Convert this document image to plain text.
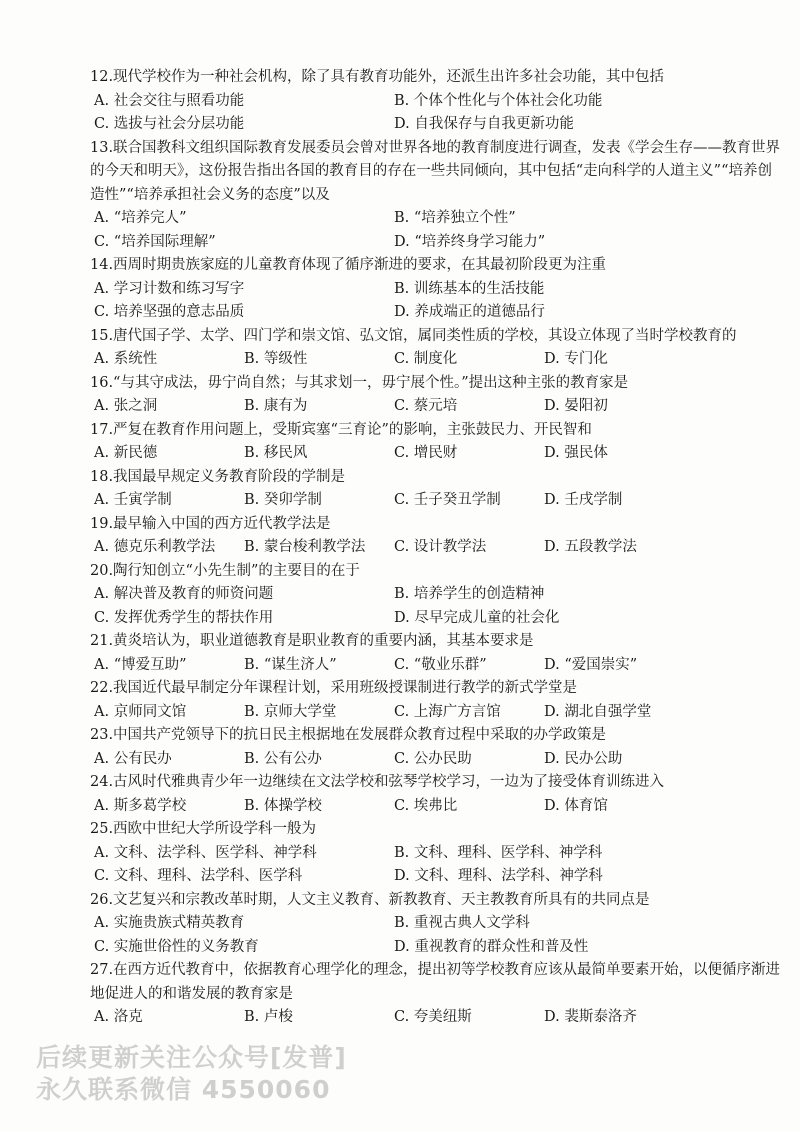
12.现代学校作为一种社会机构，除了具有教育功能外，还派生出许多社会功能，其中包括
A. 社会交往与照看功能	B. 个体个性化与个体社会化功能
C. 选拔与社会分层功能	D. 自我保存与自我更新功能
13.联合国教科文组织国际教育发展委员会曾对世界各地的教育制度进行调查，发表《学会生存——教育世界的今天和明天》，这份报告指出各国的教育目的存在一些共同倾向，其中包括“走向科学的人道主义”“培养创造性”“培养承担社会义务的态度”以及
A. “培养完人”	B. “培养独立个性”
C. “培养国际理解”	D. “培养终身学习能力”
14.西周时期贵族家庭的儿童教育体现了循序渐进的要求，在其最初阶段更为注重
A. 学习计数和练习写字	B. 训练基本的生活技能
C. 培养坚强的意志品质	D. 养成端正的道德品行
15.唐代国子学、太学、四门学和崇文馆、弘文馆，属同类性质的学校，其设立体现了当时学校教育的
A. 系统性	B. 等级性	C. 制度化	D. 专门化
16.“与其守成法，毋宁尚自然；与其求划一，毋宁展个性。”提出这种主张的教育家是
A. 张之洞	B. 康有为	C. 蔡元培	D. 晏阳初
17.严复在教育作用问题上，受斯宾塞“三育论”的影响，主张鼓民力、开民智和
A. 新民德	B. 移民风	C. 增民财	D. 强民体
18.我国最早规定义务教育阶段的学制是
A. 壬寅学制	B. 癸卯学制	C. 壬子癸丑学制	D. 壬戌学制
19.最早输入中国的西方近代教学法是
A. 德克乐利教学法	B. 蒙台梭利教学法	C. 设计教学法	D. 五段教学法
20.陶行知创立“小先生制”的主要目的在于
A. 解决普及教育的师资问题	B. 培养学生的创造精神
C. 发挥优秀学生的帮扶作用	D. 尽早完成儿童的社会化
21.黄炎培认为，职业道德教育是职业教育的重要内涵，其基本要求是
A. “博爱互助”	B. “谋生济人”	C. “敬业乐群”	D. “爱国崇实”
22.我国近代最早制定分年课程计划，采用班级授课制进行教学的新式学堂是
A. 京师同文馆	B. 京师大学堂	C. 上海广方言馆	D. 湖北自强学堂
23.中国共产党领导下的抗日民主根据地在发展群众教育过程中采取的办学政策是
A. 公有民办	B. 公有公办	C. 公办民助	D. 民办公助
24.古风时代雅典青少年一边继续在文法学校和弦琴学校学习，一边为了接受体育训练进入
A. 斯多葛学校	B. 体操学校	C. 埃弗比	D. 体育馆
25.西欧中世纪大学所设学科一般为
A. 文科、法学科、医学科、神学科	B. 文科、理科、医学科、神学科
C. 文科、理科、法学科、医学科	D. 文科、理科、法学科、神学科
26.文艺复兴和宗教改革时期，人文主义教育、新教教育、天主教教育所具有的共同点是
A. 实施贵族式精英教育	B. 重视古典人文学科
C. 实施世俗性的义务教育	D. 重视教育的群众性和普及性
27.在西方近代教育中，依据教育心理学化的理念，提出初等学校教育应该从最简单要素开始，以便循序渐进地促进人的和谐发展的教育家是
A. 洛克	B. 卢梭	C. 夸美纽斯	D. 裴斯泰洛齐
后续更新关注公众号[发普]
永久联系微信 4550060
